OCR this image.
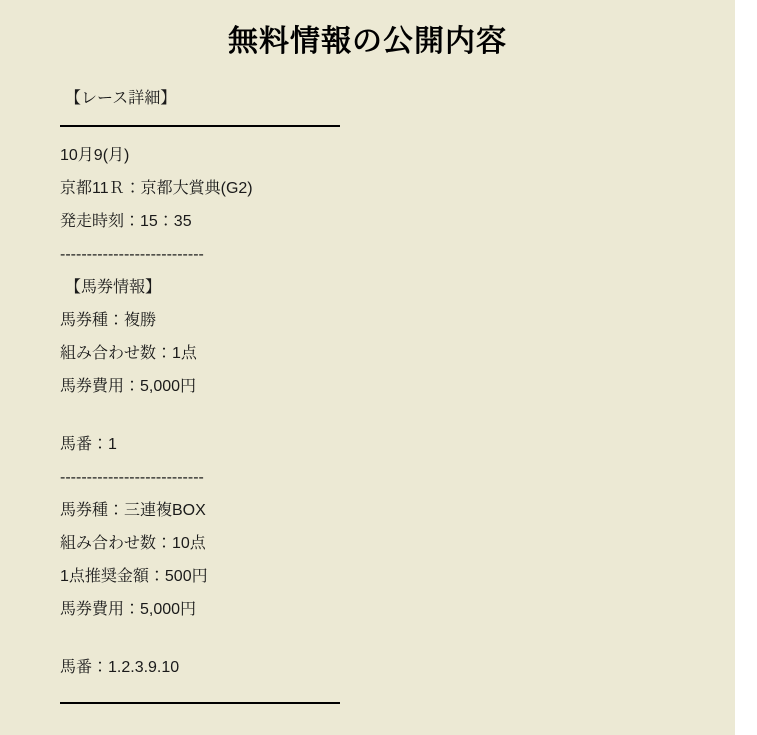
無料情報の公開内容
【レース詳細】
10月9(月)
京都11Ｒ：京都大賞典(G2)
発走時刻：15：35
---------------------------
【馬券情報】
馬券種：複勝
組み合わせ数：1点
馬券費用：5,000円
馬番：1
---------------------------
馬券種：三連複BOX
組み合わせ数：10点
1点推奨金額：500円
馬券費用：5,000円
馬番：1.2.3.9.10
